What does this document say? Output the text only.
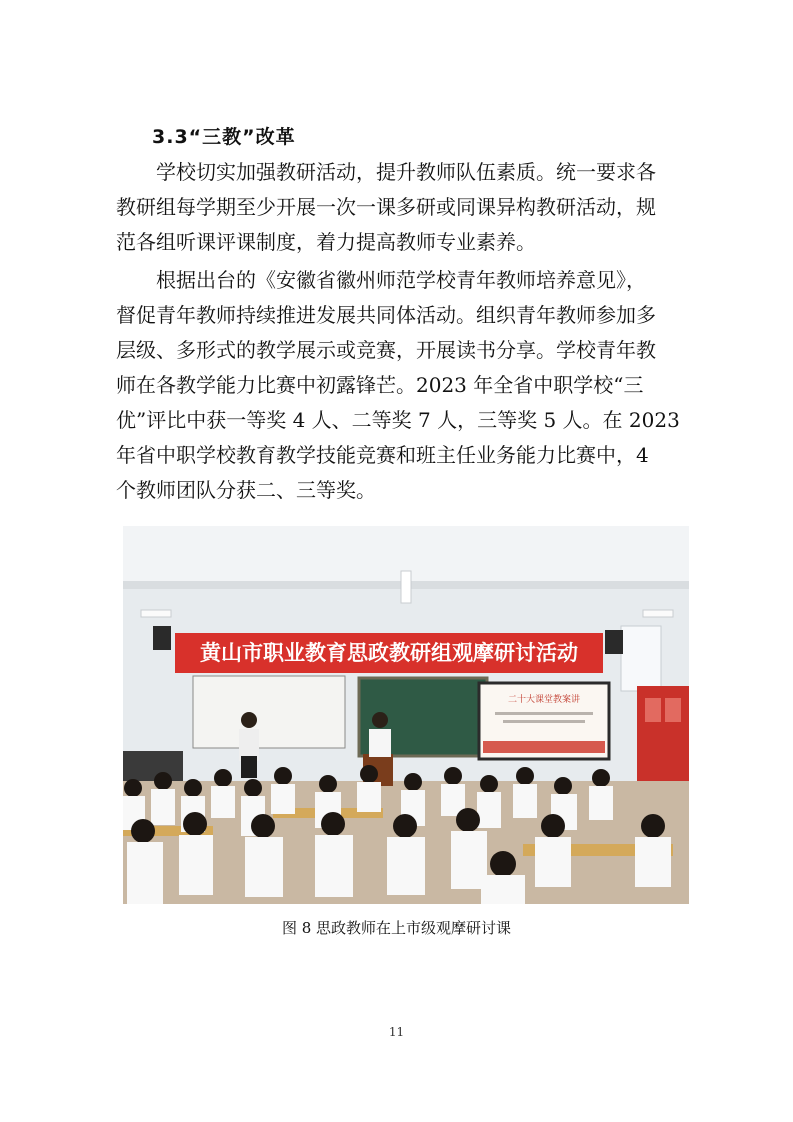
3.3“三教”改革
学校切实加强教研活动，提升教师队伍素质。统一要求各
教研组每学期至少开展一次一课多研或同课异构教研活动，规
范各组听课评课制度，着力提高教师专业素养。
根据出台的《安徽省徽州师范学校青年教师培养意见》，
督促青年教师持续推进发展共同体活动。组织青年教师参加多
层级、多形式的教学展示或竞赛，开展读书分享。学校青年教
师在各教学能力比赛中初露锋芒。2023 年全省中职学校“三
优”评比中获一等奖 4 人、二等奖 7 人，三等奖 5 人。在 2023
年省中职学校教育教学技能竞赛和班主任业务能力比赛中，4
个教师团队分获二、三等奖。
黄山市职业教育思政教研组观摩研讨活动
二十大课堂教案讲
图 8 思政教师在上市级观摩研讨课
11
